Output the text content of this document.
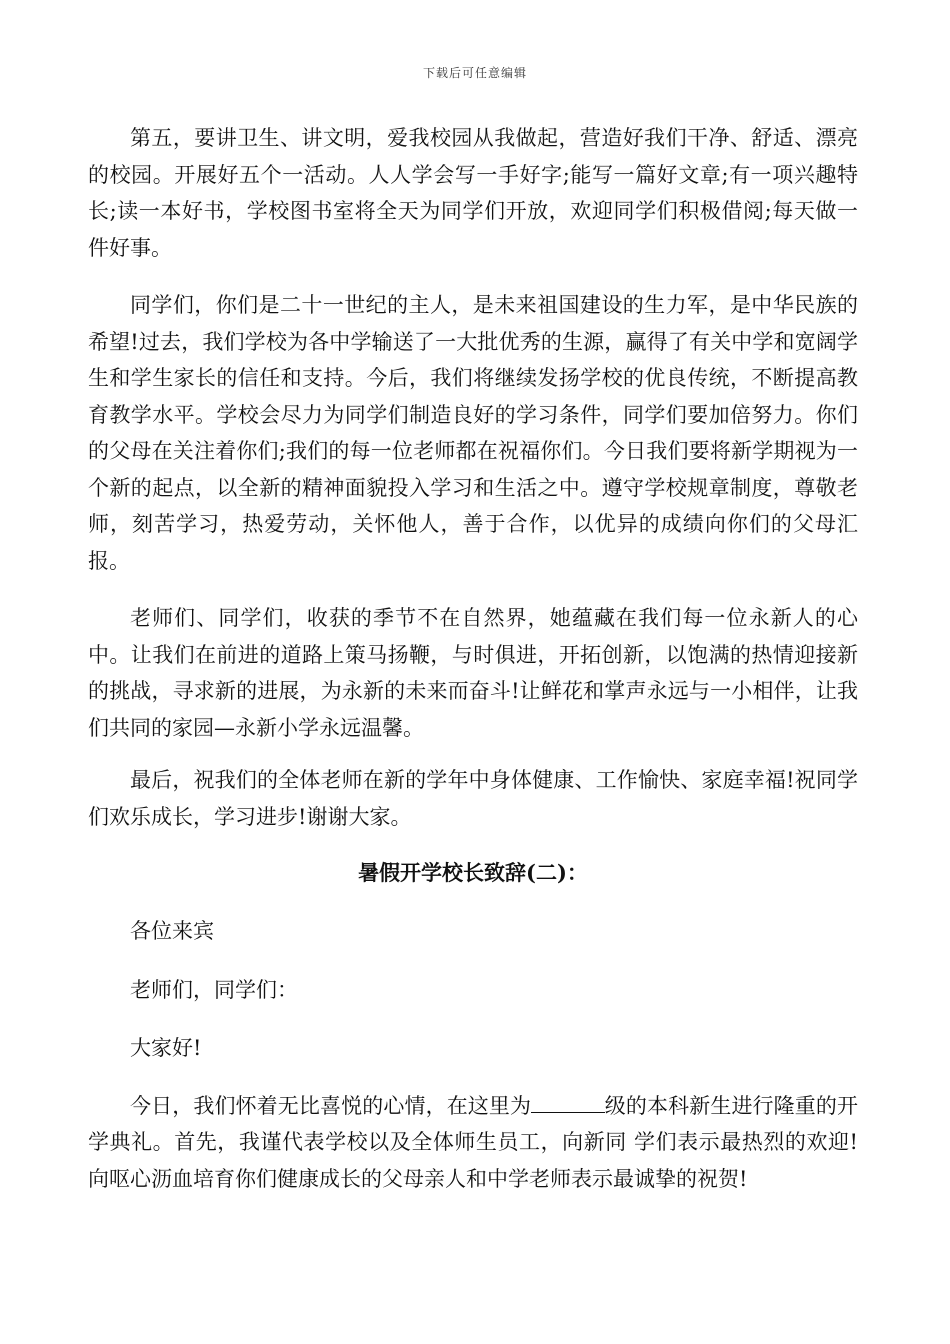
下载后可任意编辑

第五，要讲卫生、讲文明，爱我校园从我做起，营造好我们干净、舒适、漂亮的校园。开展好五个一活动。人人学会写一手好字;能写一篇好文章;有一项兴趣特长;读一本好书，学校图书室将全天为同学们开放，欢迎同学们积极借阅;每天做一件好事。

同学们，你们是二十一世纪的主人，是未来祖国建设的生力军，是中华民族的希望!过去，我们学校为各中学输送了一大批优秀的生源，赢得了有关中学和宽阔学生和学生家长的信任和支持。今后，我们将继续发扬学校的优良传统，不断提高教育教学水平。学校会尽力为同学们制造良好的学习条件，同学们要加倍努力。你们的父母在关注着你们;我们的每一位老师都在祝福你们。今日我们要将新学期视为一个新的起点，以全新的精神面貌投入学习和生活之中。遵守学校规章制度，尊敬老师，刻苦学习，热爱劳动，关怀他人，善于合作，以优异的成绩向你们的父母汇报。

老师们、同学们，收获的季节不在自然界，她蕴藏在我们每一位永新人的心中。让我们在前进的道路上策马扬鞭，与时俱进，开拓创新，以饱满的热情迎接新的挑战，寻求新的进展，为永新的未来而奋斗!让鲜花和掌声永远与一小相伴，让我们共同的家园—永新小学永远温馨。

最后，祝我们的全体老师在新的学年中身体健康、工作愉快、家庭幸福!祝同学们欢乐成长，学习进步!谢谢大家。

暑假开学校长致辞(二)：

各位来宾

老师们，同学们：

大家好!

今日，我们怀着无比喜悦的心情，在这里为	级的本科新生进行隆重的开学典礼。首先，我谨代表学校以及全体师生员工，向新同 学们表示最热烈的欢迎!向呕心沥血培育你们健康成长的父母亲人和中学老师表示最诚挚的祝贺!
